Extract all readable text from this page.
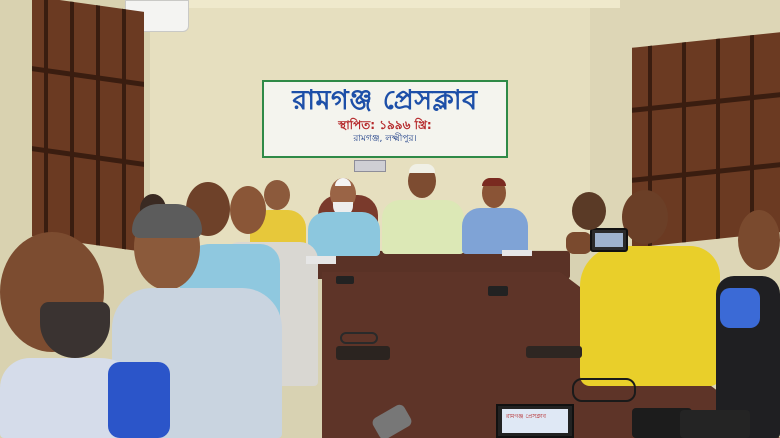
রামগঞ্জ প্রেসক্লাব
স্থাপিত: ১৯৯৬ খ্রি:
রামগঞ্জ, লক্ষ্মীপুর।
রামগঞ্জ প্রেসক্লাব
